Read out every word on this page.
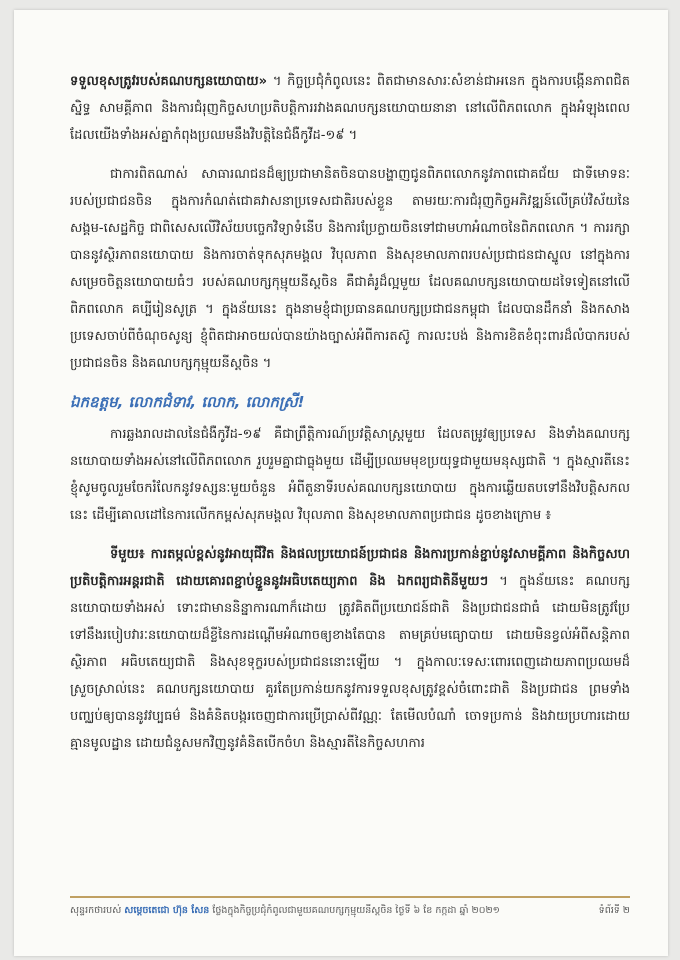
ទទួលខុសត្រូវរបស់គណបក្សនយោបាយ» ។ កិច្ចប្រជុំកំពូលនេះ ពិតជាមានសារៈសំខាន់ជាអនេក ក្នុងការបង្កើនភាពជិតស្និទ្ធ សាមគ្គីភាព និងការជំរុញកិច្ចសហប្រតិបត្តិការរវាងគណបក្សនយោបាយនានា នៅលើពិភពលោក ក្នុងអំឡុងពេលដែលយើងទាំងអស់គ្នាកំពុងប្រឈមនឹងវិបត្តិនៃជំងឺកូវីដ-១៩ ។

ជាការពិតណាស់ សាធារណជនដ៏ឲ្យប្រជាមានិតចិនបានបង្ហាញជូនពិភពលោកនូវភាពជោគជ័យ ជាទីមោទនៈរបស់ប្រជាជនចិន ក្នុងការកំណត់ជោគវាសនាប្រទេសជាតិរបស់ខ្លួន តាមរយៈការជំរុញកិច្ចអភិវឌ្ឍន៍លើគ្រប់វិស័យនៃសង្គម-សេដ្ឋកិច្ច ជាពិសេសលើវិស័យបច្ចេកវិទ្យាទំនើប និងការប្រែក្លាយចិនទៅជាមហាអំណាចនៃពិភពលោក ។ ការរក្សាបាននូវស្ថិរភាពនយោបាយ និងការចាត់ទុកសុភមង្គល វិបុលភាព និងសុខមាលភាពរបស់ប្រជាជនជាស្នូល នៅក្នុងការសម្រេចចិត្តនយោបាយធំៗ របស់គណបក្សកុម្មុយនីស្តចិន គឺជាគំរូដ៏ល្អមួយ ដែលគណបក្សនយោបាយដទៃទៀតនៅលើពិភពលោក គប្បីរៀនសូត្រ ។ ក្នុងន័យនេះ ក្នុងនាមខ្ញុំជាប្រធានគណបក្សប្រជាជនកម្ពុជា ដែលបានដឹកនាំ និងកសាងប្រទេសចាប់ពីចំណុចសូន្យ ខ្ញុំពិតជាអាចយល់បានយ៉ាងច្បាស់អំពីការតស៊ូ ការលះបង់ និងការខិតខំពុះពារដ៏លំបាករបស់ប្រជាជនចិន និងគណបក្សកុម្មុយនីស្តចិន ។

ឯកឧត្តម, លោកជំទាវ, លោក, លោកស្រី!

ការឆ្លងរាលដាលនៃជំងឺកូវីដ-១៩ គឺជាព្រឹត្តិការណ៍ប្រវត្តិសាស្ត្រមួយ ដែលតម្រូវឲ្យប្រទេស និងទាំងគណបក្សនយោបាយទាំងអស់នៅលើពិភពលោក រួបរួមគ្នាជាធ្លុងមួយ ដើម្បីប្រឈមមុខប្រយុទ្ធជាមួយមនុស្សជាតិ ។ ក្នុងស្មារតីនេះ ខ្ញុំសូមចូលរួមចែករំលែកនូវទស្សនៈមួយចំនួន អំពីតួនាទីរបស់គណបក្សនយោបាយ ក្នុងការឆ្លើយតបទៅនឹងវិបត្តិសកលនេះ ដើម្បីគោលដៅនៃការលើកកម្ពស់សុភមង្គល វិបុលភាព និងសុខមាលភាពប្រជាជន ដូចខាងក្រោម ៖

ទីមួយ៖ ការតម្កល់ខ្ពស់នូវអាយុជីវិត និងផលប្រយោជន៍ប្រជាជន និងការប្រកាន់ខ្ជាប់នូវសាមគ្គីភាព និងកិច្ចសហប្រតិបត្តិការអន្តរជាតិ ដោយគោរពខ្ជាប់ខ្ជួននូវអធិបតេយ្យភាព និង ឯកពរ្យជាតិនីមួយៗ ។ ក្នុងន័យនេះ គណបក្សនយោបាយទាំងអស់ ទោះជាមាននិន្នាការណាក៏ដោយ ត្រូវគិតពីប្រយោជន៍ជាតិ និងប្រជាជនជាធំ ដោយមិនត្រូវប្រែទៅនឹងរបៀបវារៈនយោបាយដ៏ខ្លីនៃការដណ្តើមអំណាចឲ្យខាងតែបាន តាមគ្រប់មធ្យោបាយ ដោយមិនខ្វល់អំពីសន្តិភាព ស្ថិរភាព អធិបតេយ្យជាតិ និងសុខទុក្ខរបស់ប្រជាជននោះឡើយ ។ ក្នុងកាលៈទេសៈពោរពេញដោយភាពប្រឈមដ៏ស្រួចស្រាល់នេះ គណបក្សនយោបាយ គួរតែប្រកាន់យកនូវការទទួលខុសត្រូវខ្ពស់ចំពោះជាតិ និងប្រជាជន ព្រមទាំងបញ្ឈប់ឲ្យបាននូវវប្បធម៌ និងគំនិតបង្ករចេញជាការប្រើប្រាស់ពីវណ្ណៈ តែមើលបំណាំ ចោទប្រកាន់ និងវាយប្រហារដោយគ្មានមូលដ្ឋាន ដោយជំនួសមកវិញនូវគំនិតបើកចំហ និងស្មារតីនៃកិច្ចសហការ

សុន្ទរកថារបស់ សម្តេចតេជោ ហ៊ុន សែន ថ្លែងក្នុងកិច្ចប្រជុំកំពូលជាមួយគណបក្សកុម្មុយនីស្តចិន ថ្ងៃទី ៦ ខែ កក្កដា ឆ្នាំ ២០២១	ទំព័រទី ២
